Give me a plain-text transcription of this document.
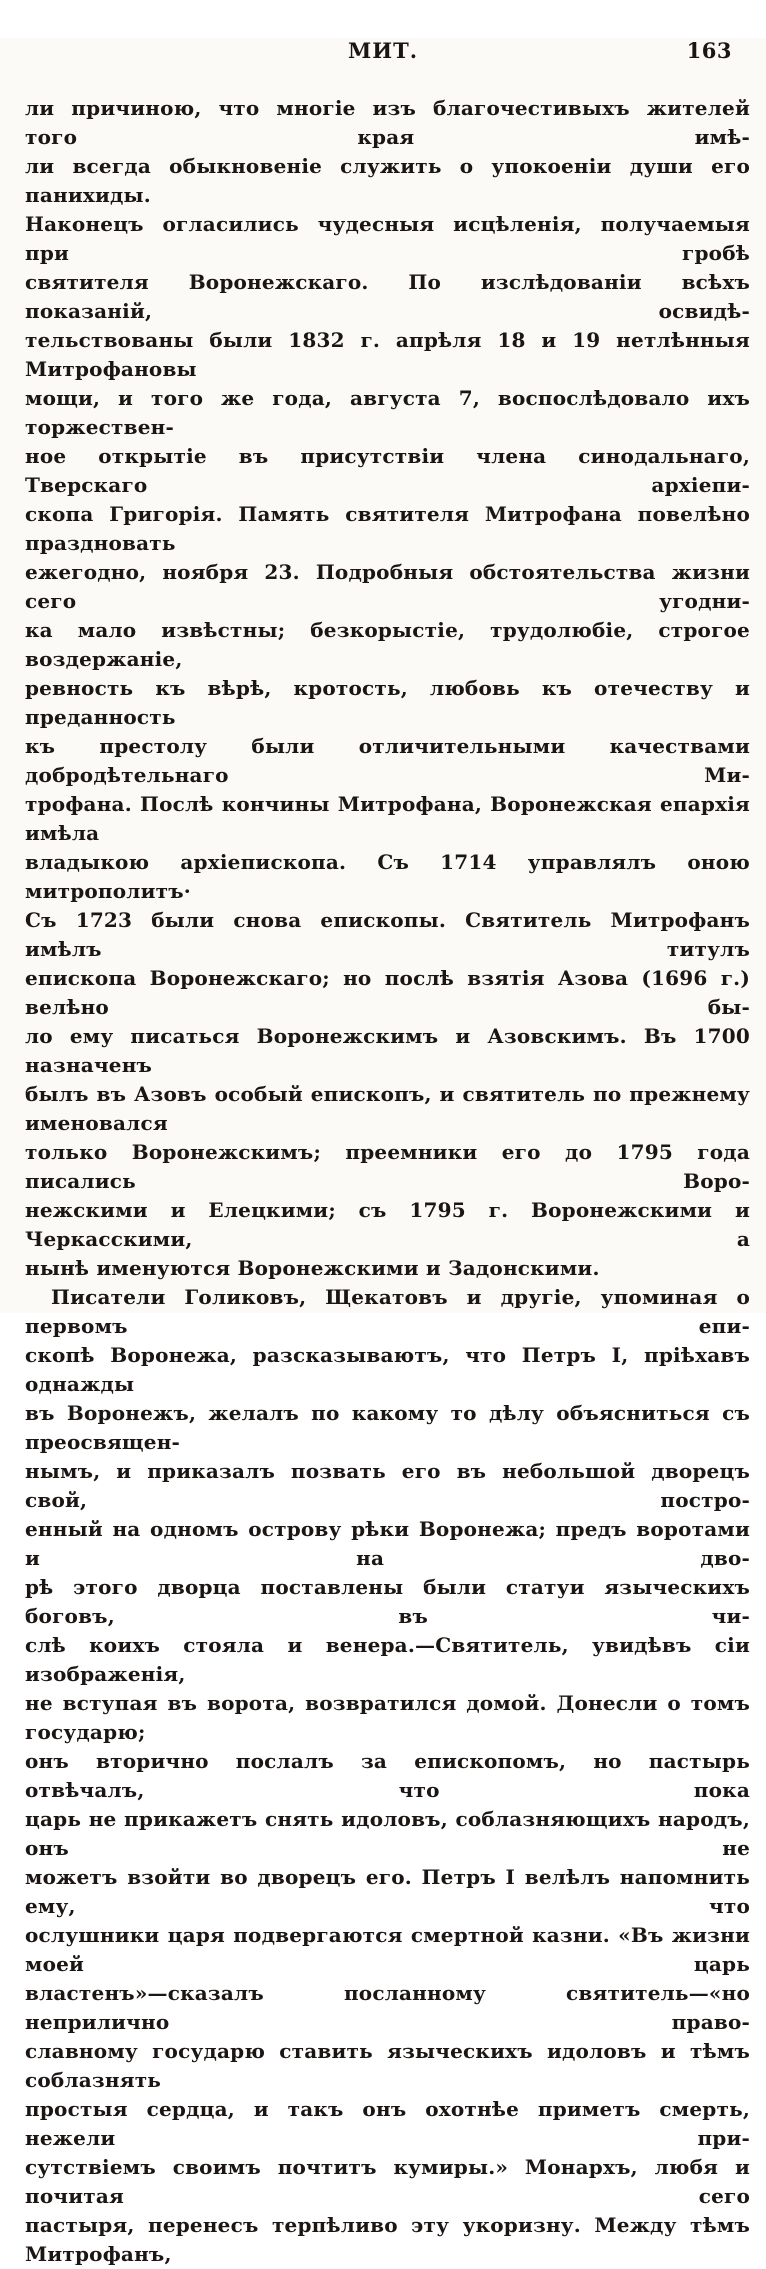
МИТ.	163
ли причиною, что многіе изъ благочестивыхъ жителей того края имѣ-
ли всегда обыкновеніе служить о упокоеніи души его панихиды.
Наконецъ огласились чудесныя исцѣленія, получаемыя при гробѣ
святителя Воронежскаго. По изслѣдованіи всѣхъ показаній, освидѣ-
тельствованы были 1832 г. апрѣля 18 и 19 нетлѣнныя Митрофановы
мощи, и того же года, августа 7, воспослѣдовало ихъ торжествен-
ное открытіе въ присутствіи члена синодальнаго, Тверскаго архіепи-
скопа Григорія. Память святителя Митрофана повелѣно праздновать
ежегодно, ноября 23. Подробныя обстоятельства жизни сего угодни-
ка мало извѣстны; безкорыстіе, трудолюбіе, строгое воздержаніе,
ревность къ вѣрѣ, кротость, любовь къ отечеству и преданность
къ престолу были отличительными качествами добродѣтельнаго Ми-
трофана. Послѣ кончины Митрофана, Воронежская епархія имѣла
владыкою архіепископа. Съ 1714 управлялъ оною митрополитъ·
Съ 1723 были снова епископы. Святитель Митрофанъ имѣлъ титулъ
епископа Воронежскаго; но послѣ взятія Азова (1696 г.) велѣно бы-
ло ему писаться Воронежскимъ и Азовскимъ. Въ 1700 назначенъ
былъ въ Азовъ особый епископъ, и святитель по прежнему именовался
только Воронежскимъ; преемники его до 1795 года писались Воро-
нежскими и Елецкими; съ 1795 г. Воронежскими и Черкасскими, а
нынѣ именуются Воронежскими и Задонскими.
Писатели Голиковъ, Щекатовъ и другіе, упоминая о первомъ епи-
скопѣ Воронежа, разсказываютъ, что Петръ I, пріѣхавъ однажды
въ Воронежъ, желалъ по какому то дѣлу объясниться съ преосвящен-
нымъ, и приказалъ позвать его въ небольшой дворецъ свой, постро-
енный на одномъ острову рѣки Воронежа; предъ воротами и на дво-
рѣ этого дворца поставлены были статуи языческихъ боговъ, въ чи-
слѣ коихъ стояла и венера.—Святитель, увидѣвъ сіи изображенія,
не вступая въ ворота, возвратился домой. Донесли о томъ государю;
онъ вторично послалъ за епископомъ, но пастырь отвѣчалъ, что пока
царь не прикажетъ снять идоловъ, соблазняющихъ народъ, онъ не
можетъ взойти во дворецъ его. Петръ I велѣлъ напомнить ему, что
ослушники царя подвергаются смертной казни. «Въ жизни моей царь
властенъ»—сказалъ посланному святитель—«но неприлично право-
славному государю ставить языческихъ идоловъ и тѣмъ соблазнять
простыя сердца, и такъ онъ охотнѣе приметъ смерть, нежели при-
сутствіемъ своимъ почтитъ кумиры.» Монархъ, любя и почитая сего
пастыря, перенесъ терпѣливо эту укоризну. Между тѣмъ Митрофанъ,
